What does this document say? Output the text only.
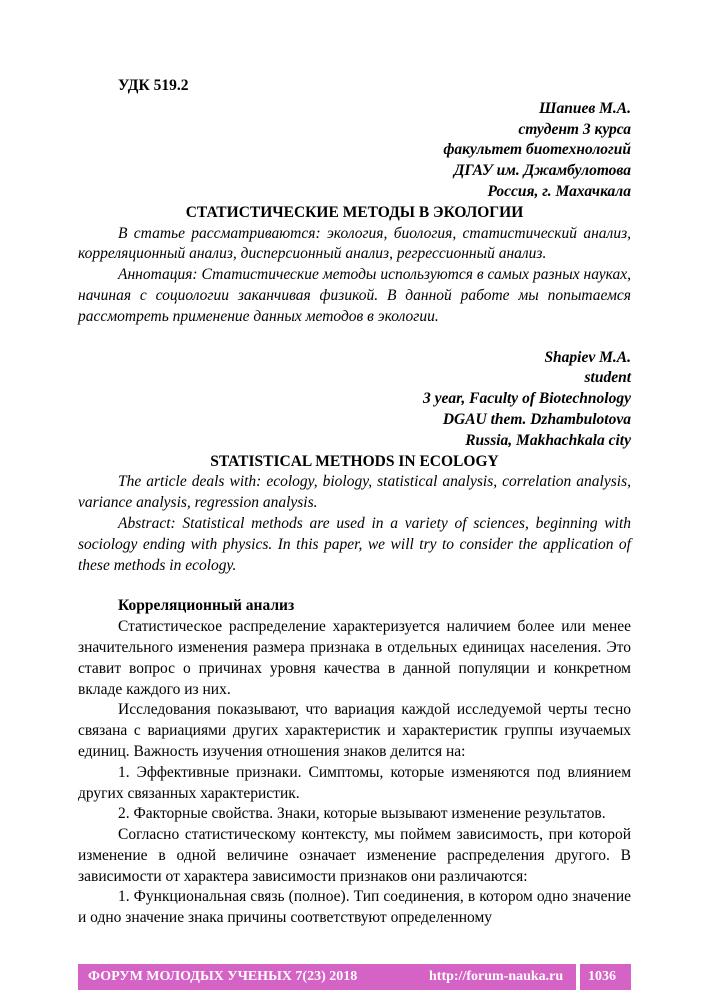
УДК 519.2
Шапиев М.А.
студент 3 курса
факультет биотехнологий
ДГАУ им. Джамбулотова
Россия, г. Махачкала
СТАТИСТИЧЕСКИЕ МЕТОДЫ В ЭКОЛОГИИ

В статье рассматриваются: экология, биология, статистический анализ, корреляционный анализ, дисперсионный анализ, регрессионный анализ.

Аннотация: Статистические методы используются в самых разных науках, начиная с социологии заканчивая физикой. В данной работе мы попытаемся рассмотреть применение данных методов в экологии.

Shapiev M.A.
student
3 year, Faculty of Biotechnology
DGAU them. Dzhambulotova
Russia, Makhachkala city
STATISTICAL METHODS IN ECOLOGY

The article deals with: ecology, biology, statistical analysis, correlation analysis, variance analysis, regression analysis.

Abstract: Statistical methods are used in a variety of sciences, beginning with sociology ending with physics. In this paper, we will try to consider the application of these methods in ecology.

Корреляционный анализ

Статистическое распределение характеризуется наличием более или менее значительного изменения размера признака в отдельных единицах населения. Это ставит вопрос о причинах уровня качества в данной популяции и конкретном вкладе каждого из них.

Исследования показывают, что вариация каждой исследуемой черты тесно связана с вариациями других характеристик и характеристик группы изучаемых единиц. Важность изучения отношения знаков делится на:

1. Эффективные признаки. Симптомы, которые изменяются под влиянием других связанных характеристик.

2. Факторные свойства. Знаки, которые вызывают изменение результатов.

Согласно статистическому контексту, мы поймем зависимость, при которой изменение в одной величине означает изменение распределения другого. В зависимости от характера зависимости признаков они различаются:

1. Функциональная связь (полное). Тип соединения, в котором одно значение и одно значение знака причины соответствуют определенному

ФОРУМ МОЛОДЫХ УЧЕНЫХ 7(23) 2018	http://forum-nauka.ru 1036
